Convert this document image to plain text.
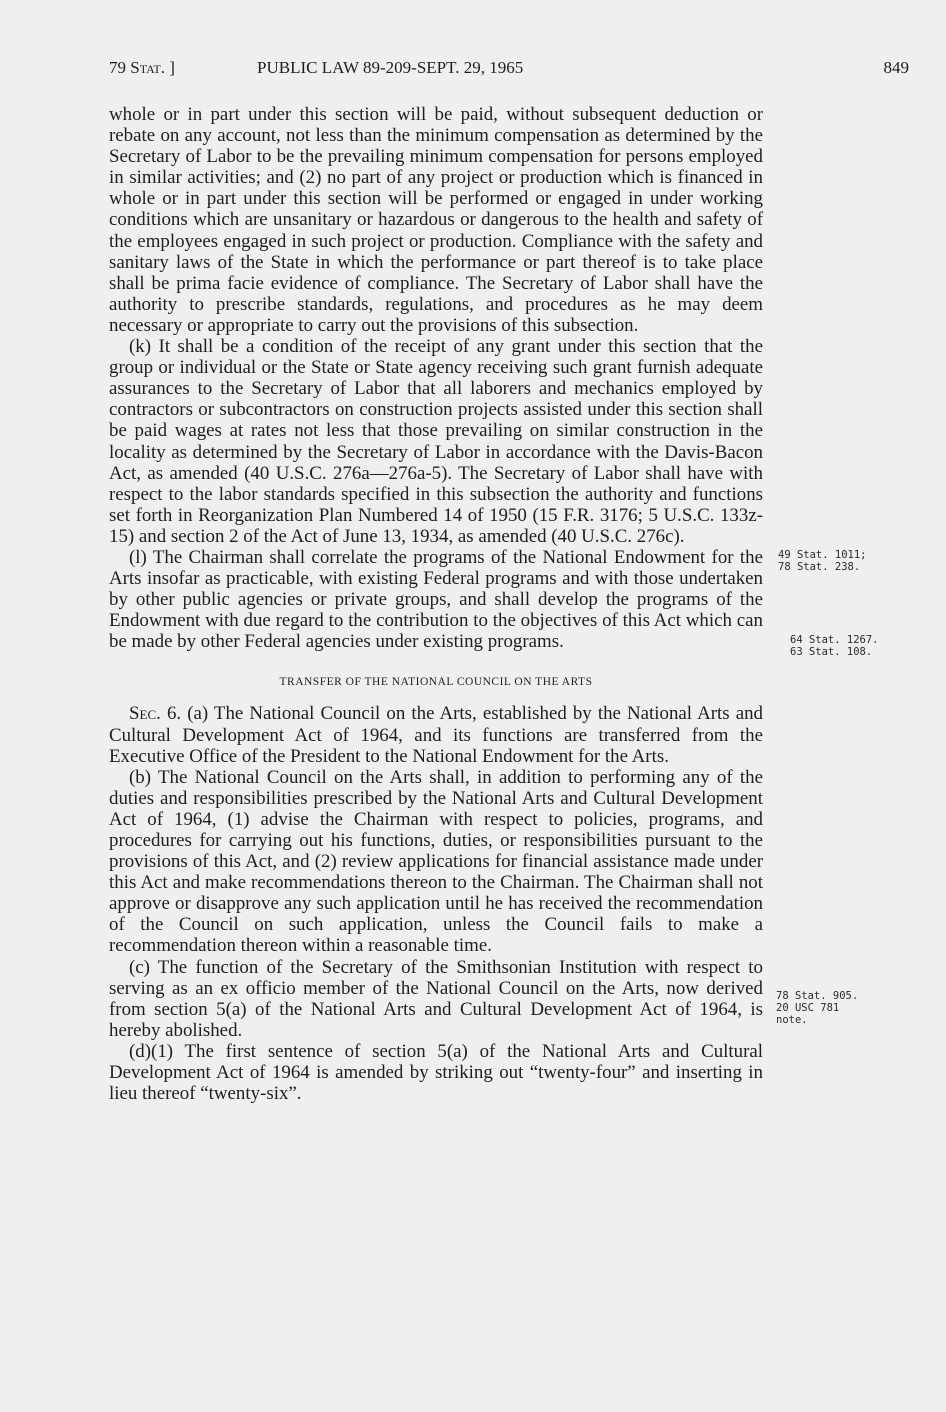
79 Stat. ]	PUBLIC LAW 89-209-SEPT. 29, 1965	849

whole or in part under this section will be paid, without subsequent deduction or rebate on any account, not less than the minimum compensation as determined by the Secretary of Labor to be the prevailing minimum compensation for persons employed in similar activities; and (2) no part of any project or production which is financed in whole or in part under this section will be performed or engaged in under working conditions which are unsanitary or hazardous or dangerous to the health and safety of the employees engaged in such project or production. Compliance with the safety and sanitary laws of the State in which the performance or part thereof is to take place shall be prima facie evidence of compliance. The Secretary of Labor shall have the authority to prescribe standards, regulations, and procedures as he may deem necessary or appropriate to carry out the provisions of this subsection.

(k) It shall be a condition of the receipt of any grant under this section that the group or individual or the State or State agency receiving such grant furnish adequate assurances to the Secretary of Labor that all laborers and mechanics employed by contractors or subcontractors on construction projects assisted under this section shall be paid wages at rates not less that those prevailing on similar construction in the locality as determined by the Secretary of Labor in accordance with the Davis-Bacon Act, as amended (40 U.S.C. 276a—276a-5). The Secretary of Labor shall have with respect to the labor standards specified in this subsection the authority and functions set forth in Reorganization Plan Numbered 14 of 1950 (15 F.R. 3176; 5 U.S.C. 133z-15) and section 2 of the Act of June 13, 1934, as amended (40 U.S.C. 276c).

(l) The Chairman shall correlate the programs of the National Endowment for the Arts insofar as practicable, with existing Federal programs and with those undertaken by other public agencies or private groups, and shall develop the programs of the Endowment with due regard to the contribution to the objectives of this Act which can be made by other Federal agencies under existing programs.

TRANSFER OF THE NATIONAL COUNCIL ON THE ARTS

Sec. 6. (a) The National Council on the Arts, established by the National Arts and Cultural Development Act of 1964, and its functions are transferred from the Executive Office of the President to the National Endowment for the Arts.

(b) The National Council on the Arts shall, in addition to performing any of the duties and responsibilities prescribed by the National Arts and Cultural Development Act of 1964, (1) advise the Chairman with respect to policies, programs, and procedures for carrying out his functions, duties, or responsibilities pursuant to the provisions of this Act, and (2) review applications for financial assistance made under this Act and make recommendations thereon to the Chairman. The Chairman shall not approve or disapprove any such application until he has received the recommendation of the Council on such application, unless the Council fails to make a recommendation thereon within a reasonable time.

(c) The function of the Secretary of the Smithsonian Institution with respect to serving as an ex officio member of the National Council on the Arts, now derived from section 5(a) of the National Arts and Cultural Development Act of 1964, is hereby abolished.

(d)(1) The first sentence of section 5(a) of the National Arts and Cultural Development Act of 1964 is amended by striking out “twenty-four” and inserting in lieu thereof “twenty-six”.

49 Stat. 1011;
78 Stat. 238.
64 Stat. 1267.
63 Stat. 108.
78 Stat. 905.
20 USC 781
note.
